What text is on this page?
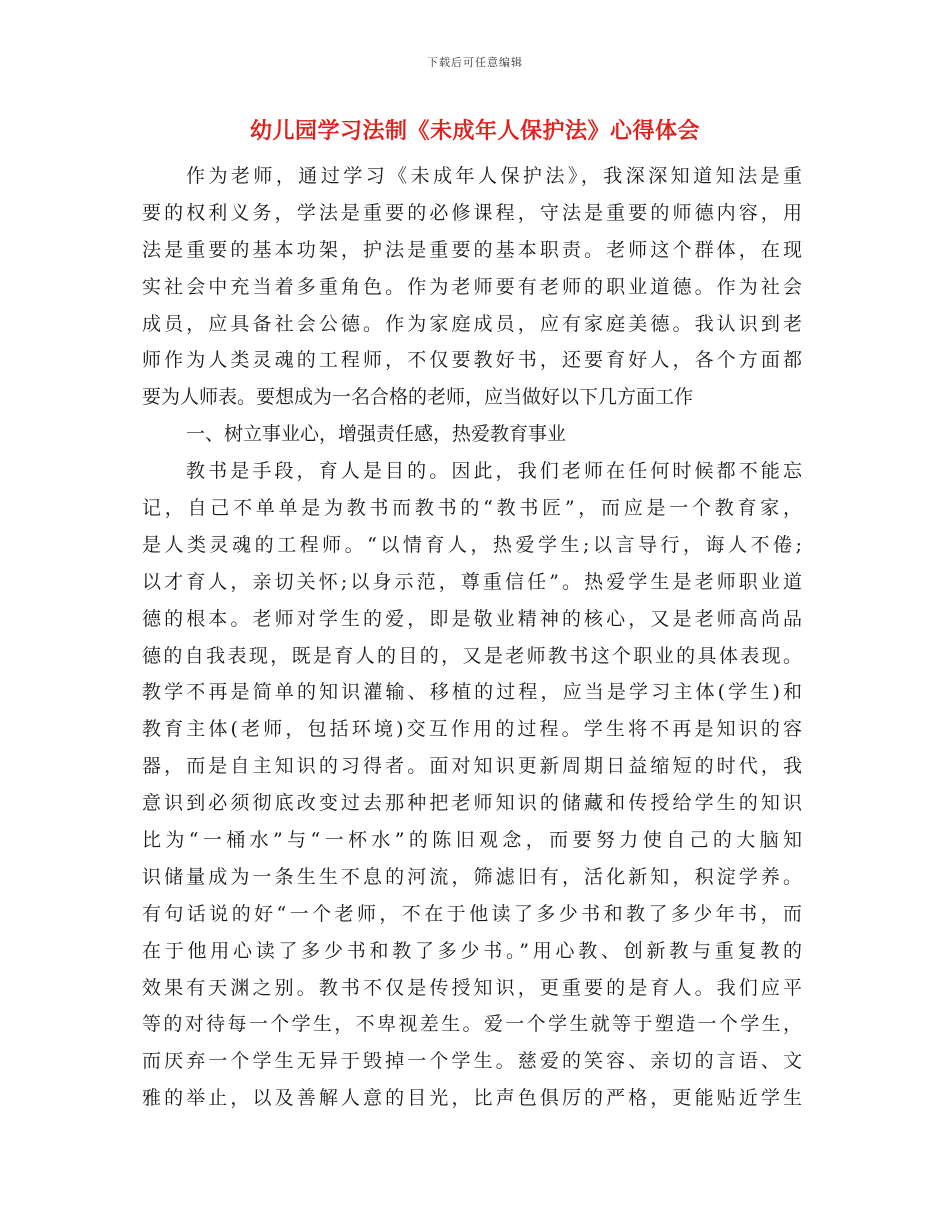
下载后可任意编辑
幼儿园学习法制《未成年人保护法》心得体会
作为老师，通过学习《未成年人保护法》，我深深知道知法是重
要的权利义务，学法是重要的必修课程，守法是重要的师德内容，用
法是重要的基本功架，护法是重要的基本职责。老师这个群体，在现
实社会中充当着多重角色。作为老师要有老师的职业道德。作为社会
成员，应具备社会公德。作为家庭成员，应有家庭美德。我认识到老
师作为人类灵魂的工程师，不仅要教好书，还要育好人，各个方面都
要为人师表。要想成为一名合格的老师，应当做好以下几方面工作
一、树立事业心，增强责任感，热爱教育事业
教书是手段，育人是目的。因此，我们老师在任何时候都不能忘
记，自己不单单是为教书而教书的“教书匠”，而应是一个教育家，
是人类灵魂的工程师。“以情育人，热爱学生;以言导行，诲人不倦;
以才育人，亲切关怀;以身示范，尊重信任”。热爱学生是老师职业道
德的根本。老师对学生的爱，即是敬业精神的核心，又是老师高尚品
德的自我表现，既是育人的目的，又是老师教书这个职业的具体表现。
教学不再是简单的知识灌输、移植的过程，应当是学习主体(学生)和
教育主体(老师，包括环境)交互作用的过程。学生将不再是知识的容
器，而是自主知识的习得者。面对知识更新周期日益缩短的时代，我
意识到必须彻底改变过去那种把老师知识的储藏和传授给学生的知识
比为“一桶水”与“一杯水”的陈旧观念，而要努力使自己的大脑知
识储量成为一条生生不息的河流，筛滤旧有，活化新知，积淀学养。
有句话说的好“一个老师，不在于他读了多少书和教了多少年书，而
在于他用心读了多少书和教了多少书。”用心教、创新教与重复教的
效果有天渊之别。教书不仅是传授知识，更重要的是育人。我们应平
等的对待每一个学生，不卑视差生。爱一个学生就等于塑造一个学生，
而厌弃一个学生无异于毁掉一个学生。慈爱的笑容、亲切的言语、文
雅的举止，以及善解人意的目光，比声色俱厉的严格，更能贴近学生
